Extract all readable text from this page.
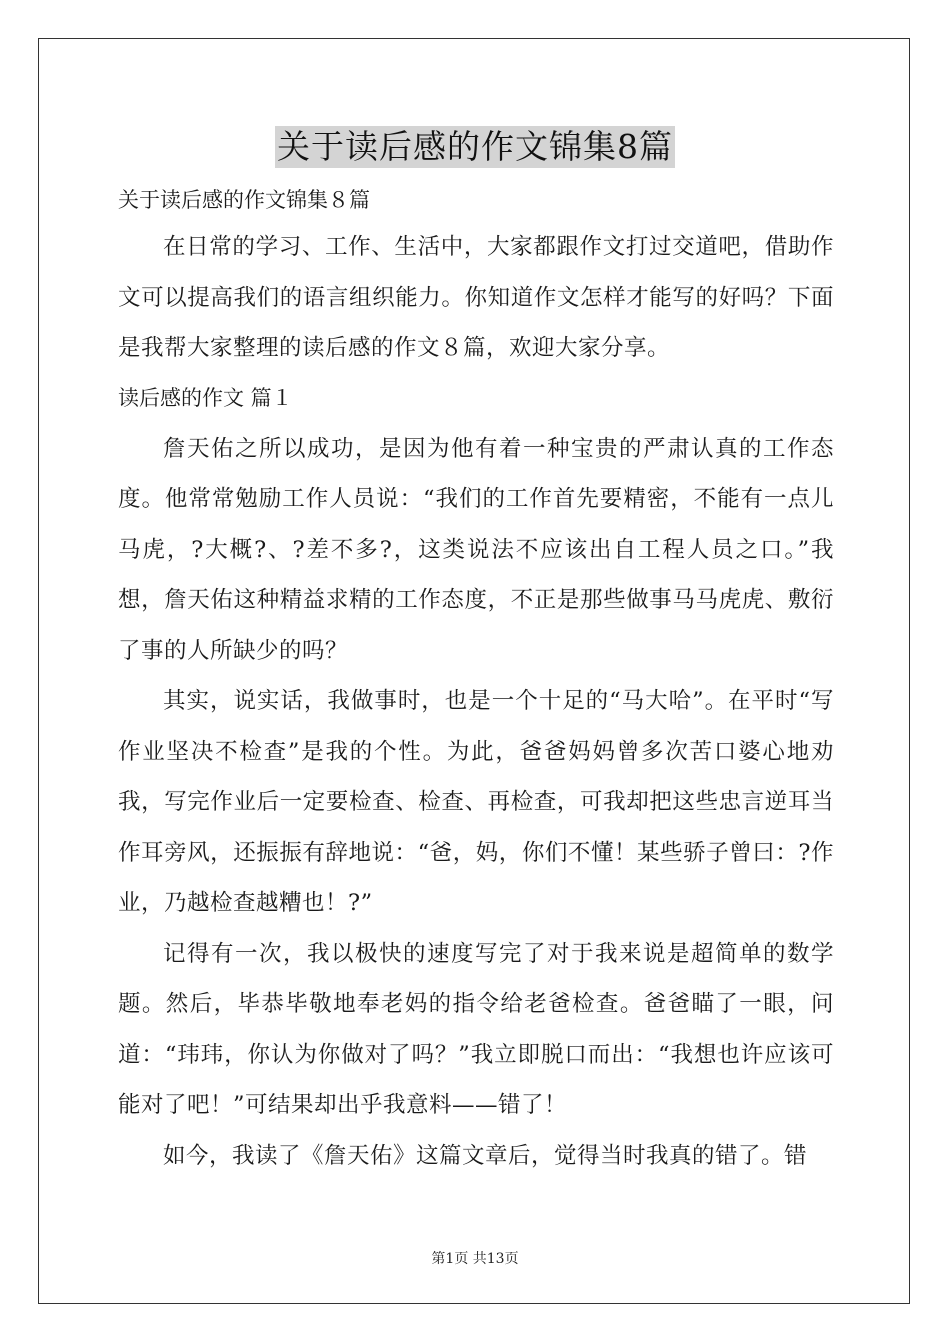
关于读后感的作文锦集8篇

关于读后感的作文锦集８篇

在日常的学习、工作、生活中，大家都跟作文打过交道吧，借助作文可以提高我们的语言组织能力。你知道作文怎样才能写的好吗？下面是我帮大家整理的读后感的作文８篇，欢迎大家分享。

读后感的作文 篇１

詹天佑之所以成功，是因为他有着一种宝贵的严肃认真的工作态度。他常常勉励工作人员说：“我们的工作首先要精密，不能有一点儿马虎，?大概?、?差不多?，这类说法不应该出自工程人员之口。”我想，詹天佑这种精益求精的工作态度，不正是那些做事马马虎虎、敷衍了事的人所缺少的吗？

其实，说实话，我做事时，也是一个十足的“马大哈”。在平时“写作业坚决不检查”是我的个性。为此，爸爸妈妈曾多次苦口婆心地劝我，写完作业后一定要检查、检查、再检查，可我却把这些忠言逆耳当作耳旁风，还振振有辞地说：“爸，妈，你们不懂！某些骄子曾曰：?作业，乃越检查越糟也！?”

记得有一次，我以极快的速度写完了对于我来说是超简单的数学题。然后，毕恭毕敬地奉老妈的指令给老爸检查。爸爸瞄了一眼，问道：“玮玮，你认为你做对了吗？”我立即脱口而出：“我想也许应该可能对了吧！”可结果却出乎我意料——错了！

如今，我读了《詹天佑》这篇文章后，觉得当时我真的错了。错

第1页 共13页
